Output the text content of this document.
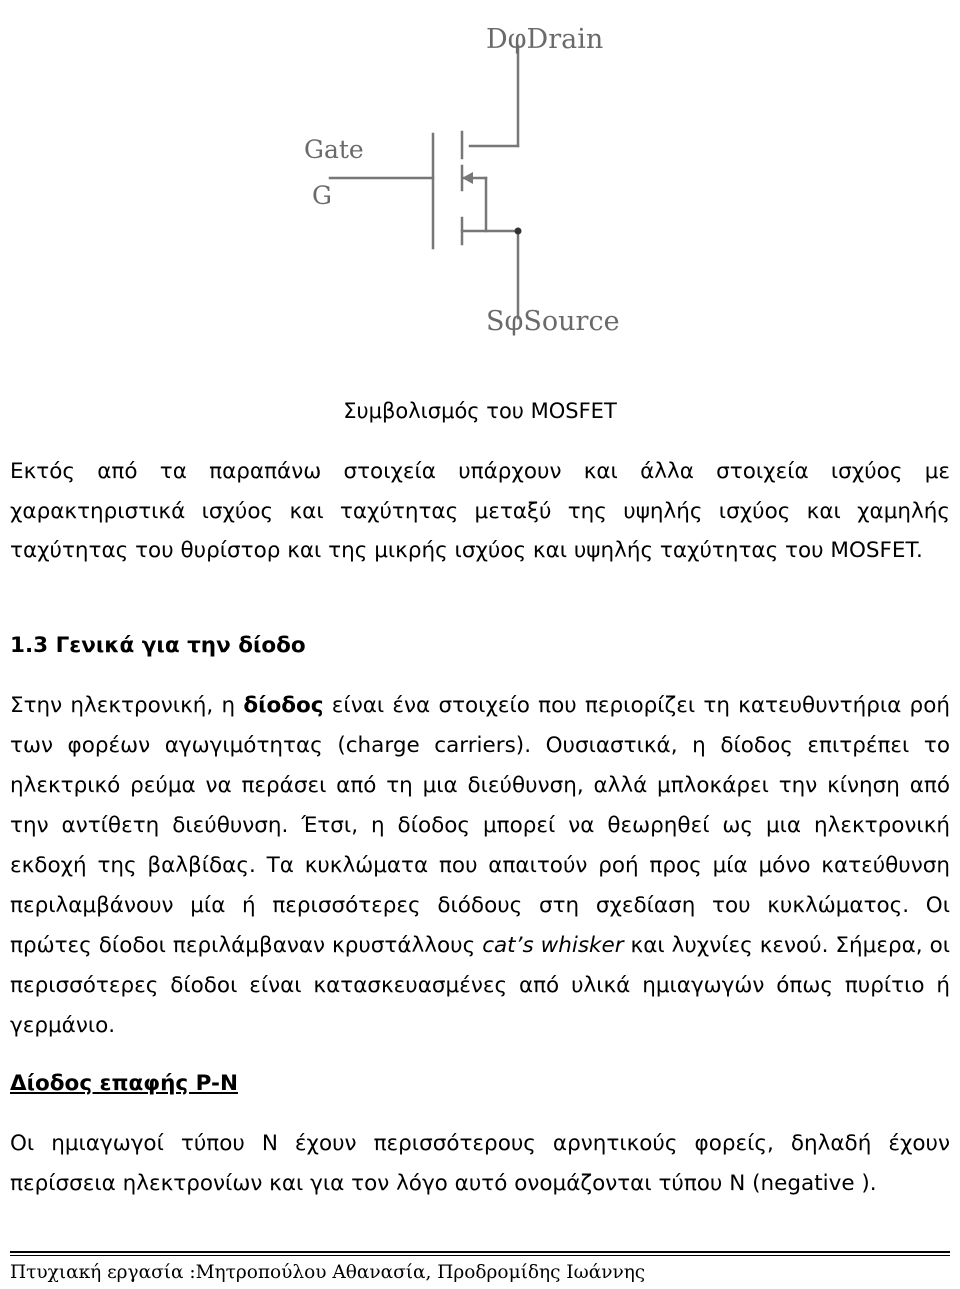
DφDrain
Gate
G
SφSource
Συμβολισμός του MOSFET
Εκτός από τα παραπάνω στοιχεία υπάρχουν και άλλα στοιχεία ισχύος με χαρακτηριστικά ισχύος και ταχύτητας μεταξύ της υψηλής ισχύος και χαμηλής ταχύτητας του θυρίστορ και της μικρής ισχύος και υψηλής ταχύτητας του MOSFET.
1.3 Γενικά για την δίοδο
Στην ηλεκτρονική, η δίοδος είναι ένα στοιχείο που περιορίζει τη κατευθυντήρια ροή των φορέων αγωγιμότητας (charge carriers). Ουσιαστικά, η δίοδος επιτρέπει το ηλεκτρικό ρεύμα να περάσει από τη μια διεύθυνση, αλλά μπλοκάρει την κίνηση από την αντίθετη διεύθυνση. Έτσι, η δίοδος μπορεί να θεωρηθεί ως μια ηλεκτρονική εκδοχή της βαλβίδας. Τα κυκλώματα που απαιτούν ροή προς μία μόνο κατεύθυνση περιλαμβάνουν μία ή περισσότερες διόδους στη σχεδίαση του κυκλώματος. Οι πρώτες δίοδοι περιλάμβαναν κρυστάλλους cat’s whisker και λυχνίες κενού. Σήμερα, οι περισσότερες δίοδοι είναι κατασκευασμένες από υλικά ημιαγωγών όπως πυρίτιο ή γερμάνιο.
Δίοδος επαφής P-N
Οι ημιαγωγοί τύπου Ν έχουν περισσότερους αρνητικούς φορείς, δηλαδή έχουν περίσσεια ηλεκτρονίων και για τον λόγο αυτό ονομάζονται τύπου Ν (negative ).
Πτυχιακή εργασία :Μητροπούλου Αθανασία, Προδρομίδης Ιωάννης
